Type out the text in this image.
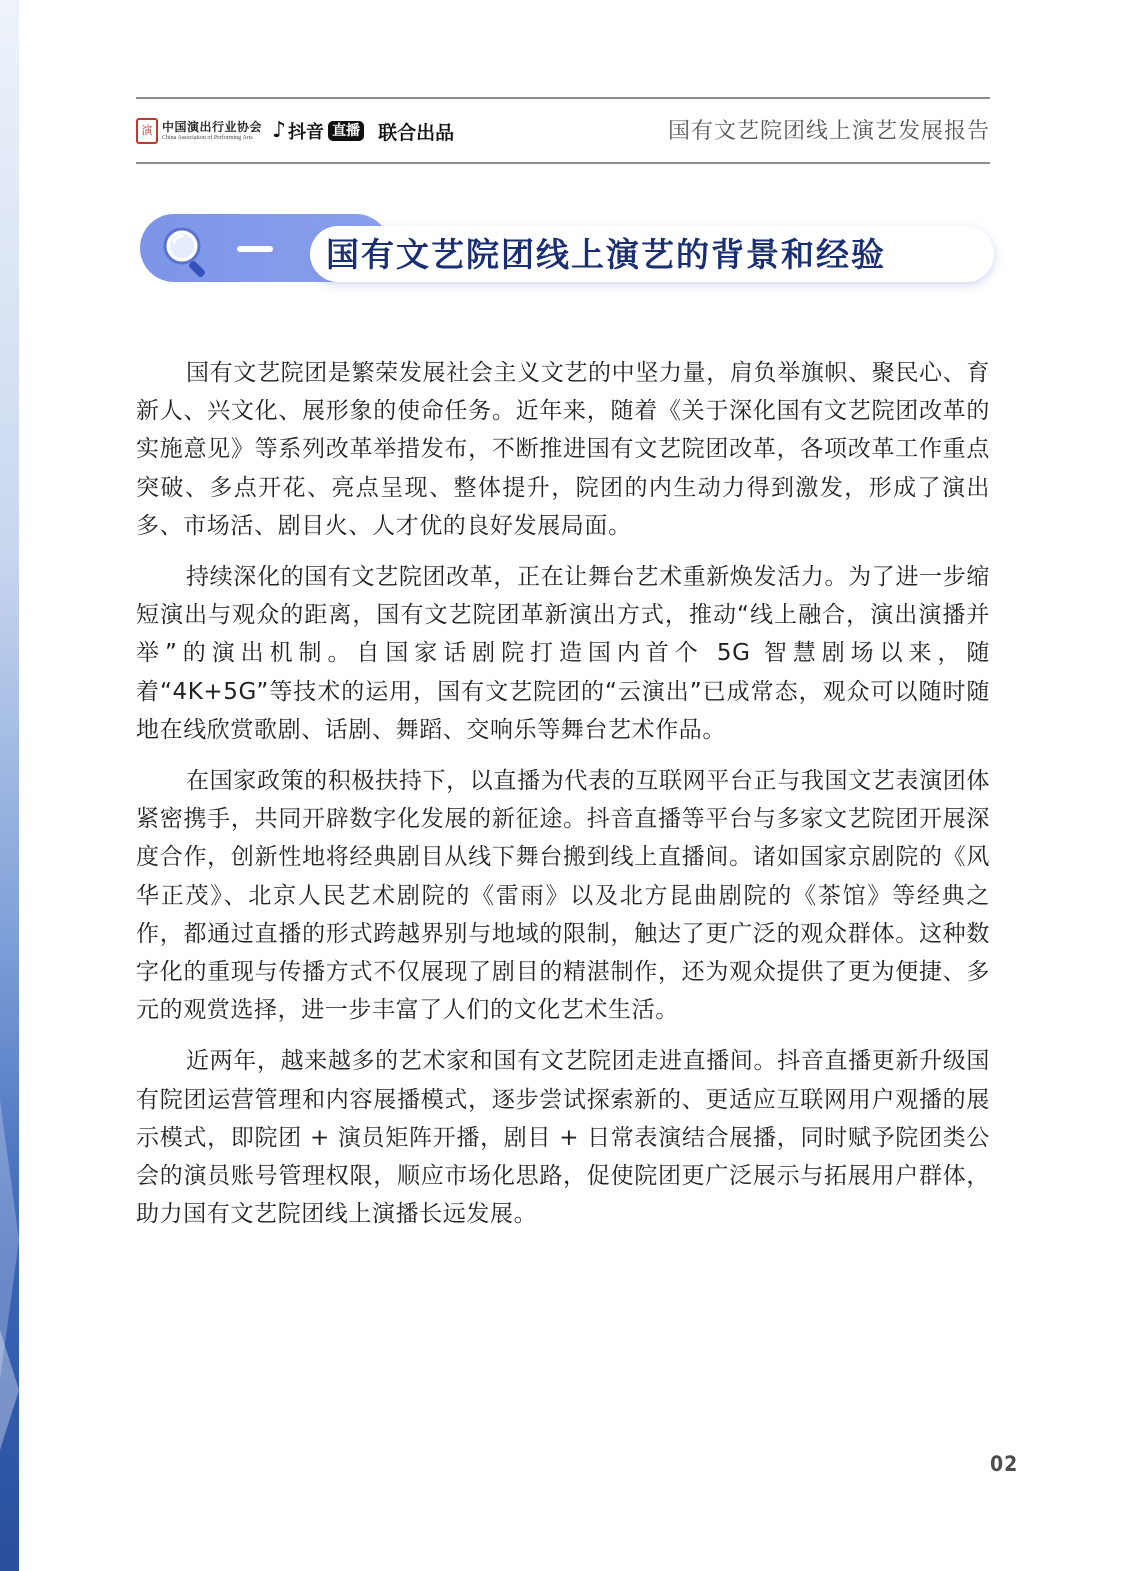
演 中国演出行业协会
China Association of Performing Arts ♪ 抖音 直播 联合出品	国有文艺院团线上演艺发展报告
国有文艺院团线上演艺的背景和经验

国有文艺院团是繁荣发展社会主义文艺的中坚力量，肩负举旗帜、聚民心、育新人、兴文化、展形象的使命任务。近年来，随着《关于深化国有文艺院团改革的实施意见》等系列改革举措发布，不断推进国有文艺院团改革，各项改革工作重点突破、多点开花、亮点呈现、整体提升，院团的内生动力得到激发，形成了演出多、市场活、剧目火、人才优的良好发展局面。

持续深化的国有文艺院团改革，正在让舞台艺术重新焕发活力。为了进一步缩短演出与观众的距离，国有文艺院团革新演出方式，推动“线上融合，演出演播并举”的演出机制。自国家话剧院打造国内首个 5G 智慧剧场以来，随着“4K+5G”等技术的运用，国有文艺院团的“云演出”已成常态，观众可以随时随地在线欣赏歌剧、话剧、舞蹈、交响乐等舞台艺术作品。

在国家政策的积极扶持下，以直播为代表的互联网平台正与我国文艺表演团体紧密携手，共同开辟数字化发展的新征途。抖音直播等平台与多家文艺院团开展深度合作，创新性地将经典剧目从线下舞台搬到线上直播间。诸如国家京剧院的《风华正茂》、北京人民艺术剧院的《雷雨》以及北方昆曲剧院的《茶馆》等经典之作，都通过直播的形式跨越界别与地域的限制，触达了更广泛的观众群体。这种数字化的重现与传播方式不仅展现了剧目的精湛制作，还为观众提供了更为便捷、多元的观赏选择，进一步丰富了人们的文化艺术生活。

近两年，越来越多的艺术家和国有文艺院团走进直播间。抖音直播更新升级国有院团运营管理和内容展播模式，逐步尝试探索新的、更适应互联网用户观播的展示模式，即院团 + 演员矩阵开播，剧目 + 日常表演结合展播，同时赋予院团类公会的演员账号管理权限，顺应市场化思路，促使院团更广泛展示与拓展用户群体，助力国有文艺院团线上演播长远发展。

02
